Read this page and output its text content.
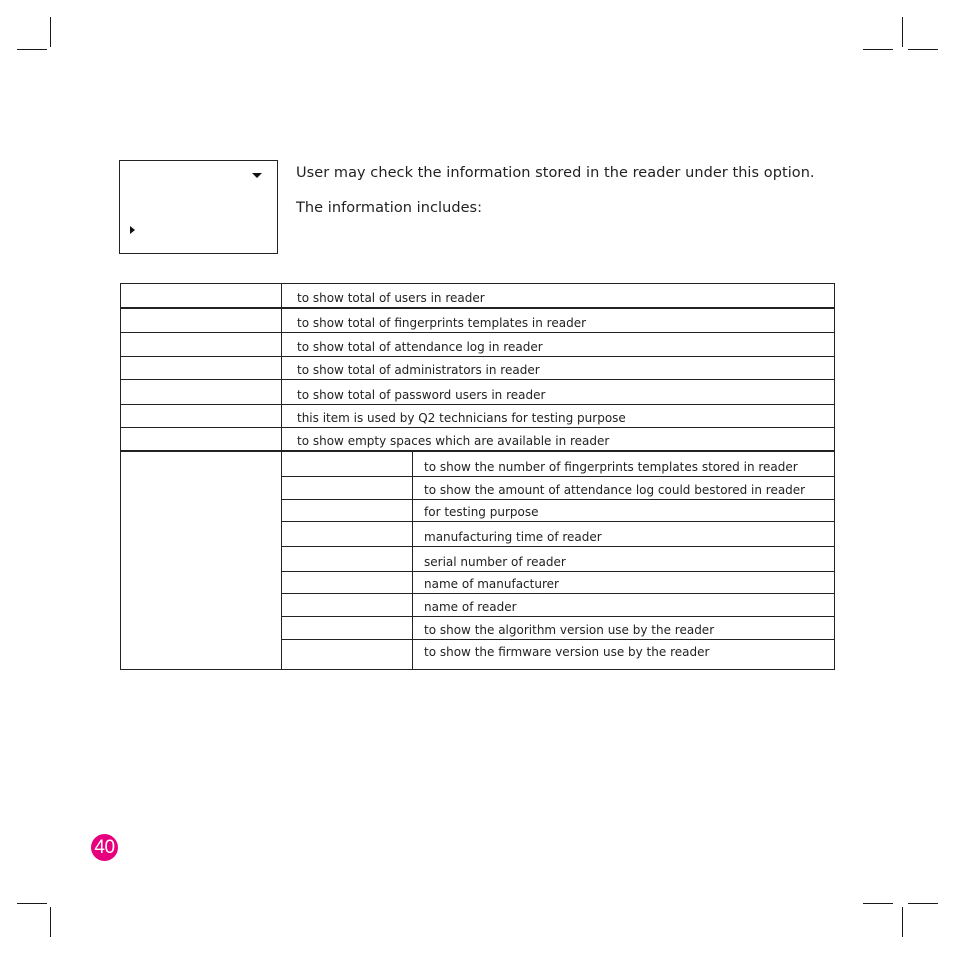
User may check the information stored in the reader under this option.
The information includes:
to show total of users in reader
to show total of fingerprints templates in reader
to show total of attendance log in reader
to show total of administrators in reader
to show total of password users in reader
this item is used by Q2 technicians for testing purpose
to show empty spaces which are available in reader
to show the number of fingerprints templates stored in reader
to show the amount of attendance log could bestored in reader
for testing purpose
manufacturing time of reader
serial number of reader
name of manufacturer
name of reader
to show the algorithm version use by the reader
to show the firmware version use by the reader
40
